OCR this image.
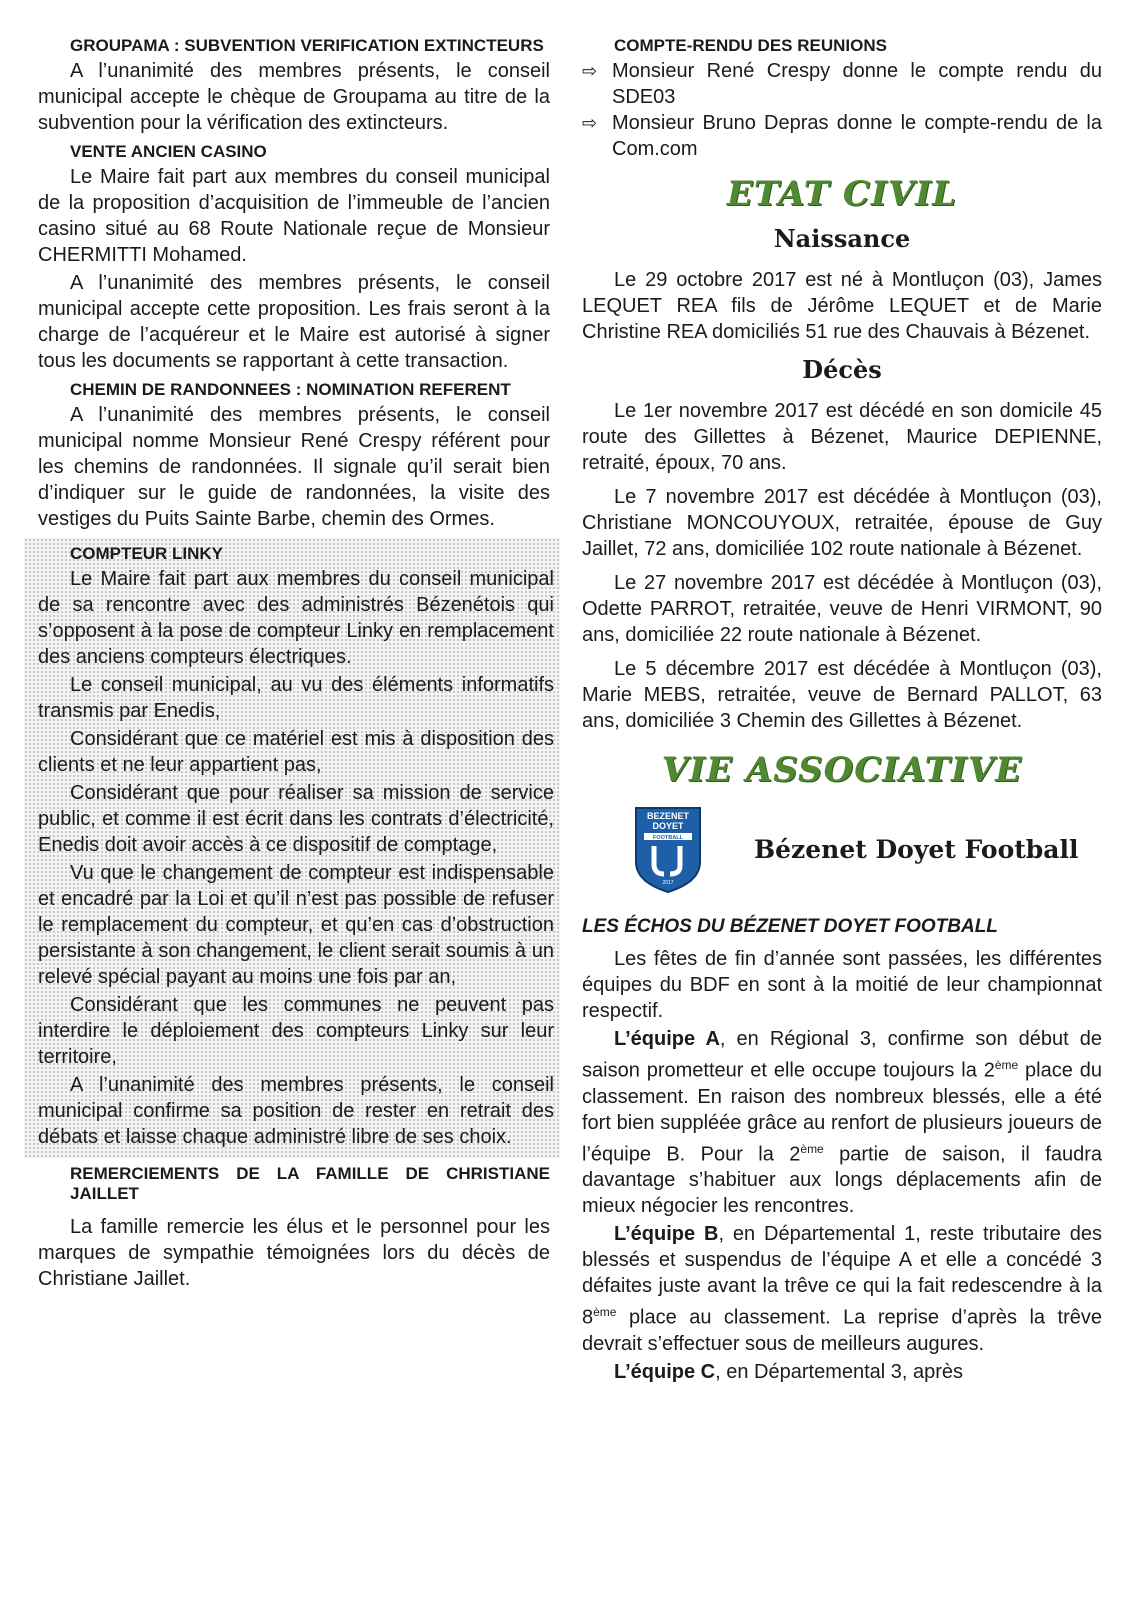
GROUPAMA : SUBVENTION VERIFICATION EXTINCTEURS

A l’unanimité des membres présents, le conseil municipal accepte le chèque de Groupama au titre de la subvention pour la vérification des extincteurs.

VENTE ANCIEN CASINO

Le Maire fait part aux membres du conseil municipal de la proposition d’acquisition de l’immeuble de l’ancien casino situé au 68 Route Nationale reçue de Monsieur CHERMITTI Mohamed.

A l’unanimité des membres présents, le conseil municipal accepte cette proposition. Les frais seront à la charge de l’acquéreur et le Maire est autorisé à signer tous les documents se rapportant à cette transaction.

CHEMIN DE RANDONNEES : NOMINATION REFERENT

A l’unanimité des membres présents, le conseil municipal nomme Monsieur René Crespy référent pour les chemins de randonnées. Il signale qu’il serait bien d’indiquer sur le guide de randonnées, la visite des vestiges du Puits Sainte Barbe, chemin des Ormes.

COMPTEUR LINKY

Le Maire fait part aux membres du conseil municipal de sa rencontre avec des administrés Bézenétois qui s’opposent à la pose de compteur Linky en remplacement des anciens compteurs électriques.

Le conseil municipal, au vu des éléments informatifs transmis par Enedis,

Considérant que ce matériel est mis à disposition des clients et ne leur appartient pas,

Considérant que pour réaliser sa mission de service public, et comme il est écrit dans les contrats d’électricité, Enedis doit avoir accès à ce dispositif de comptage,

Vu que le changement de compteur est indispensable et encadré par la Loi et qu’il n’est pas possible de refuser le remplacement du compteur, et qu’en cas d’obstruction persistante à son changement, le client serait soumis à un relevé spécial payant au moins une fois par an,

Considérant que les communes ne peuvent pas interdire le déploiement des compteurs Linky sur leur territoire,

A l’unanimité des membres présents, le conseil municipal confirme sa position de rester en retrait des débats et laisse chaque administré libre de ses choix.

REMERCIEMENTS DE LA FAMILLE DE CHRISTIANE JAILLET

La famille remercie les élus et le personnel pour les marques de sympathie témoignées lors du décès de Christiane Jaillet.

COMPTE-RENDU DES REUNIONS
⇨ Monsieur René Crespy donne le compte rendu du SDE03
⇨ Monsieur Bruno Depras donne le compte-rendu de la Com.com
ETAT CIVIL
Naissance

Le 29 octobre 2017 est né à Montluçon (03), James LEQUET REA fils de Jérôme LEQUET et de Marie Christine REA domiciliés 51 rue des Chauvais à Bézenet.

Décès

Le 1er novembre 2017 est décédé en son domicile 45 route des Gillettes à Bézenet, Maurice DEPIENNE, retraité, époux, 70 ans.

Le 7 novembre 2017 est décédée à Montluçon (03), Christiane MONCOUYOUX, retraitée, épouse de Guy Jaillet, 72 ans, domiciliée 102 route nationale à Bézenet.

Le 27 novembre 2017 est décédée à Montluçon (03), Odette PARROT, retraitée, veuve de Henri VIRMONT, 90 ans, domiciliée 22 route nationale à Bézenet.

Le 5 décembre 2017 est décédée à Montluçon (03), Marie MEBS, retraitée, veuve de Bernard PALLOT, 63 ans, domiciliée 3 Chemin des Gillettes à Bézenet.

VIE ASSOCIATIVE
BEZENET
DOYET
FOOTBALL
2017
Bézenet Doyet Football
LES ÉCHOS DU BÉZENET DOYET FOOTBALL

Les fêtes de fin d’année sont passées, les différentes équipes du BDF en sont à la moitié de leur championnat respectif.

L’équipe A, en Régional 3, confirme son début de saison prometteur et elle occupe toujours la 2ème place du classement. En raison des nombreux blessés, elle a été fort bien suppléée grâce au renfort de plusieurs joueurs de l’équipe B. Pour la 2ème partie de saison, il faudra davantage s’habituer aux longs déplacements afin de mieux négocier les rencontres.

L’équipe B, en Départemental 1, reste tributaire des blessés et suspendus de l’équipe A et elle a concédé 3 défaites juste avant la trêve ce qui la fait redescendre à la 8ème place au classement. La reprise d’après la trêve devrait s’effectuer sous de meilleurs augures.

L’équipe C, en Départemental 3, après
